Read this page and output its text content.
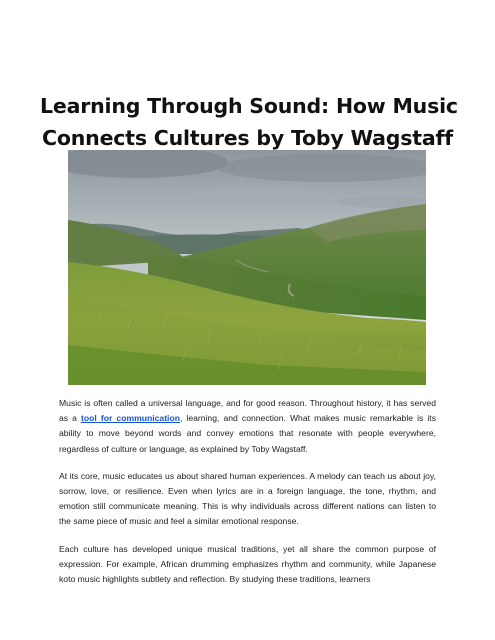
Learning Through Sound: How Music
Connects Cultures by Toby Wagstaff

Music is often called a universal language, and for good reason. Throughout history, it has served as a tool for communication, learning, and connection. What makes music remarkable is its ability to move beyond words and convey emotions that resonate with people everywhere, regardless of culture or language, as explained by Toby Wagstaff.

At its core, music educates us about shared human experiences. A melody can teach us about joy, sorrow, love, or resilience. Even when lyrics are in a foreign language, the tone, rhythm, and emotion still communicate meaning. This is why individuals across different nations can listen to the same piece of music and feel a similar emotional response.

Each culture has developed unique musical traditions, yet all share the common purpose of expression. For example, African drumming emphasizes rhythm and community, while Japanese koto music highlights subtlety and reflection. By studying these traditions, learners
